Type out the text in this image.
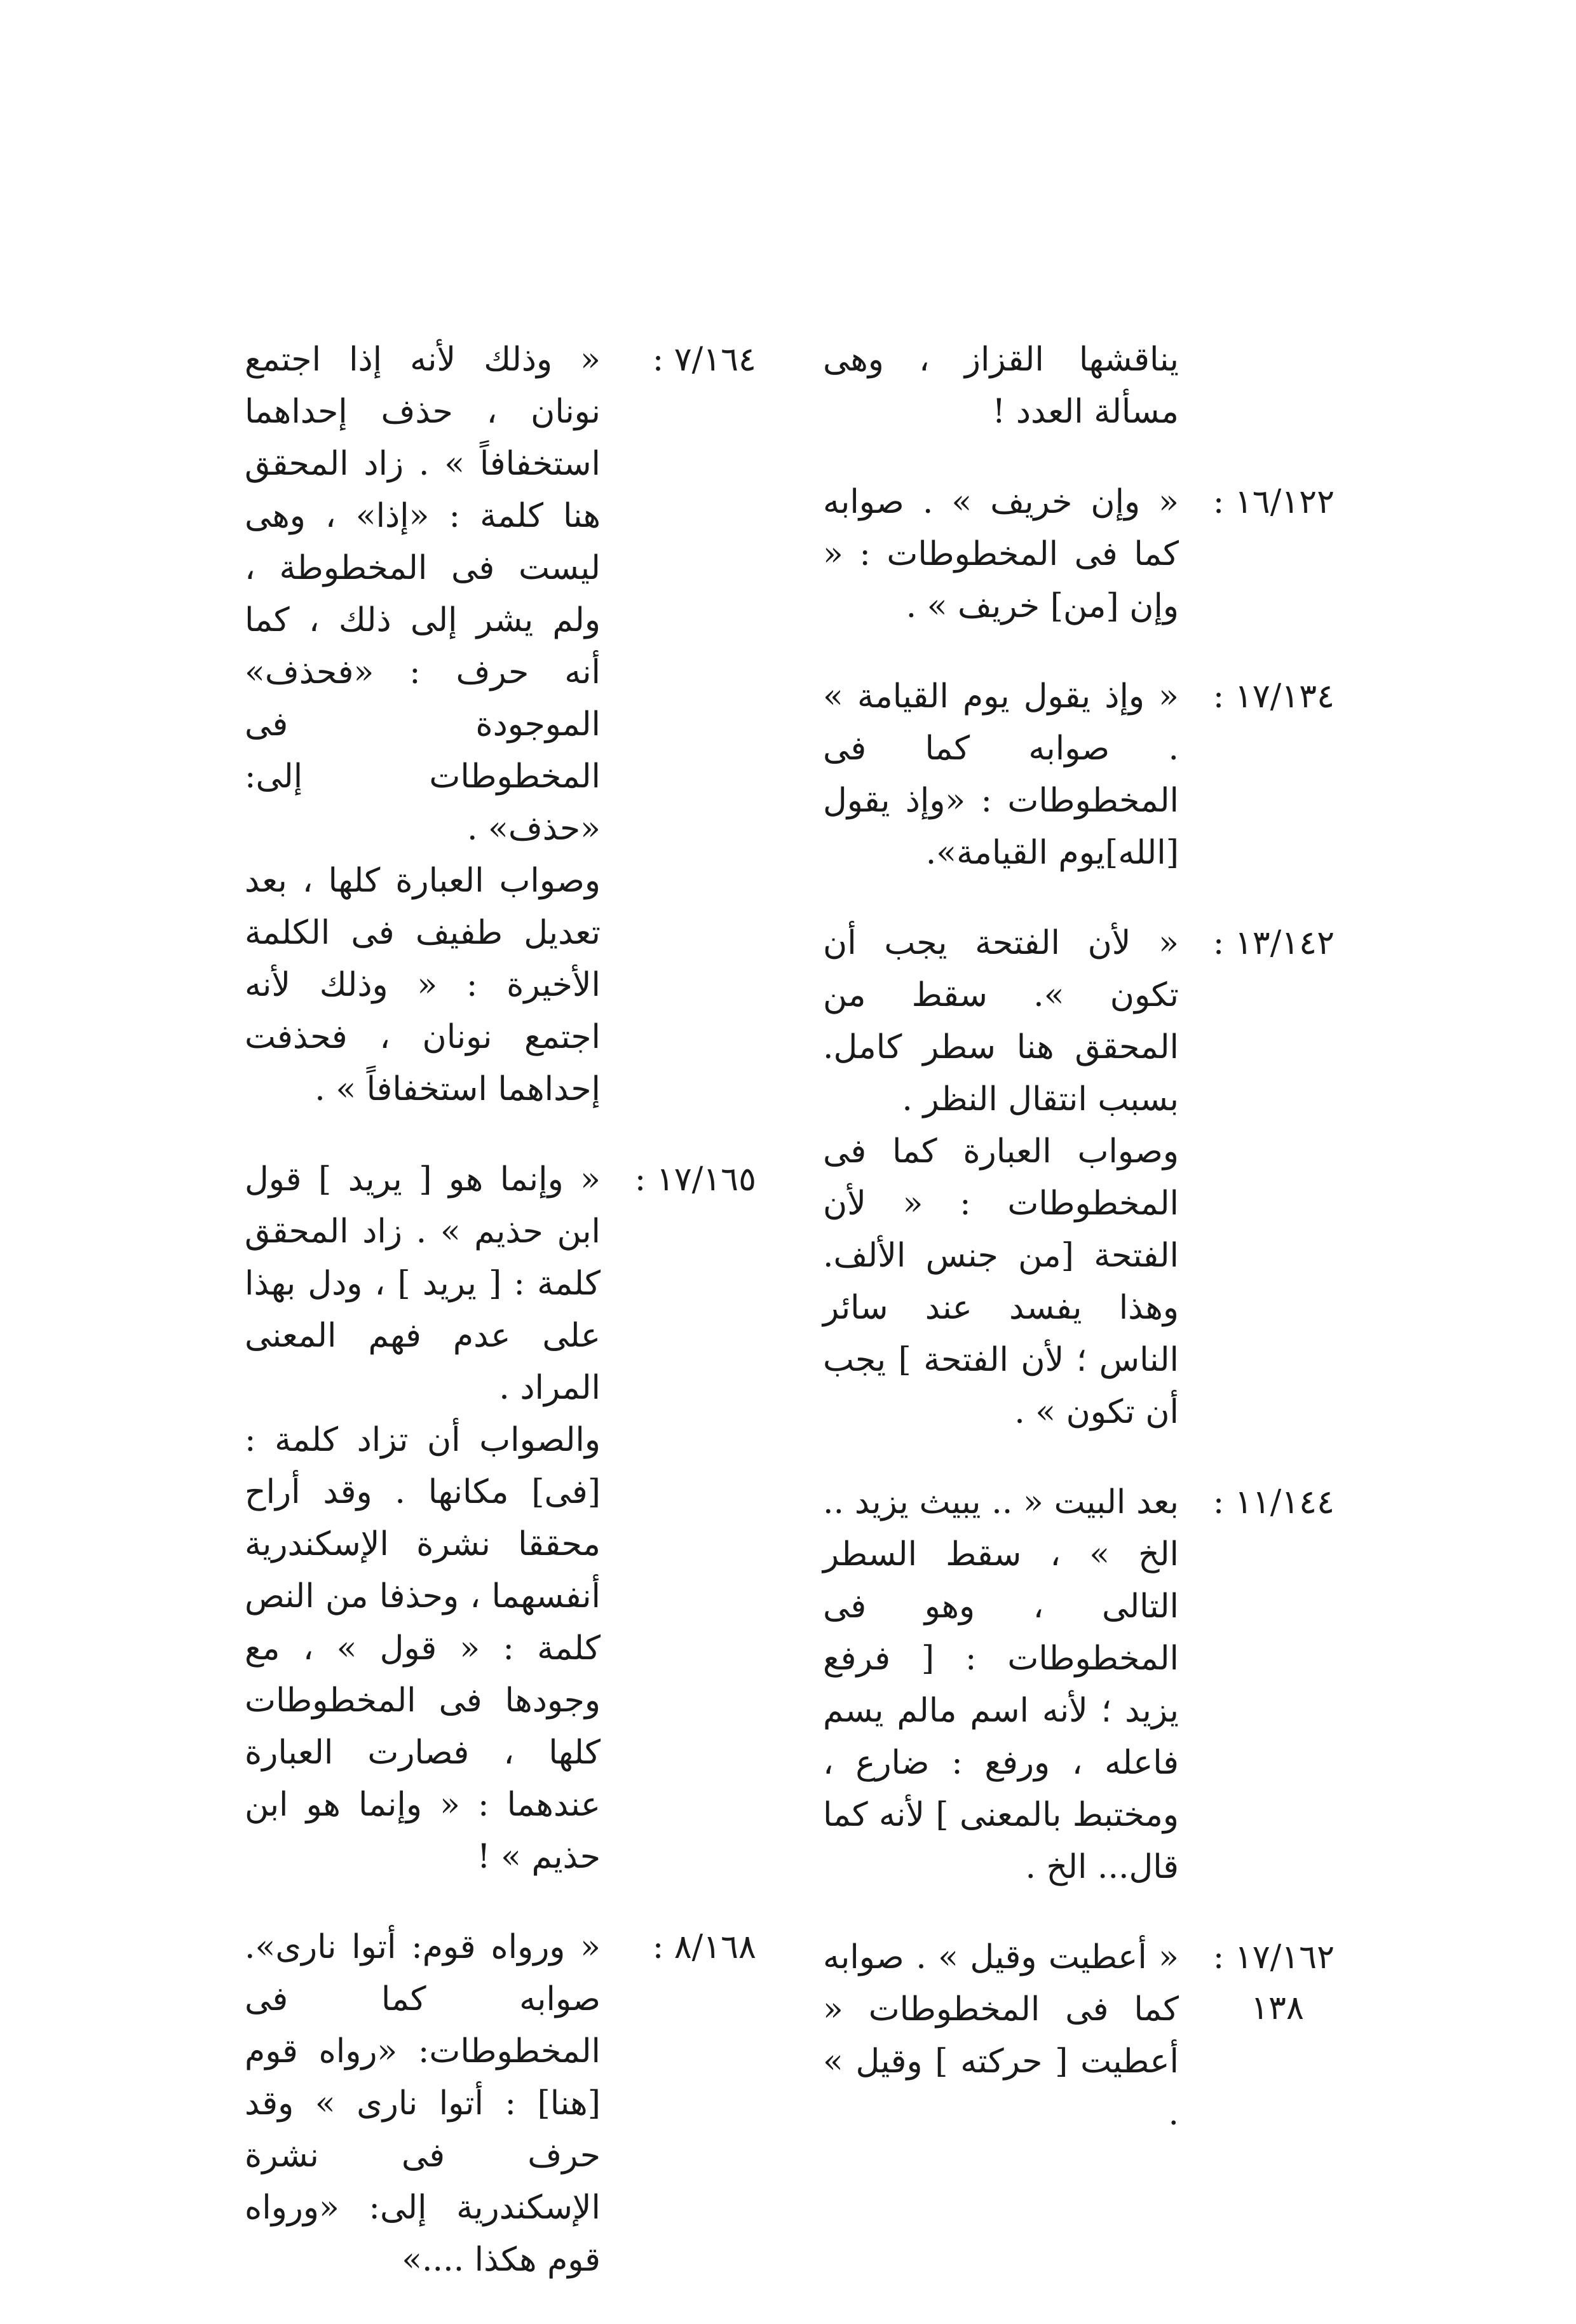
يناقشها القزاز ، وهى مسألة العدد !

١٦/١٢٢ :

« وإن خريف » . صوابه كما فى المخطوطات : « وإن [من] خريف » .

١٧/١٣٤ :

« وإذ يقول يوم القيامة » . صوابه كما فى المخطوطات : «وإذ يقول [الله]يوم القيامة».

١٣/١٤٢ :

« لأن الفتحة يجب أن تكون ». سقط من المحقق هنا سطر كامل. بسبب انتقال النظر .

وصواب العبارة كما فى المخطوطات : « لأن الفتحة [من جنس الألف. وهذا يفسد عند سائر الناس ؛ لأن الفتحة ] يجب أن تكون » .

١١/١٤٤ :

بعد البيت « .. يبيث يزيد .. الخ » ، سقط السطر التالى ، وهو فى المخطوطات : [ فرفع يزيد ؛ لأنه اسم مالم يسم فاعله ، ورفع : ضارع ، ومختبط بالمعنى ] لأنه كما قال... الخ .

١٧/١٦٢ :

« أعطيت وقيل » . صوابه كما فى المخطوطات « أعطيت [ حركته ] وقيل » .

٧/١٦٤ :

« وذلك لأنه إذا اجتمع نونان ، حذف إحداهما استخفافاً » . زاد المحقق هنا كلمة : «إذا» ، وهى ليست فى المخطوطة ، ولم يشر إلى ذلك ، كما أنه حرف : «فحذف» الموجودة فى المخطوطات إلى: «حذف» .

وصواب العبارة كلها ، بعد تعديل طفيف فى الكلمة الأخيرة : « وذلك لأنه اجتمع نونان ، فحذفت إحداهما استخفافاً » .

١٧/١٦٥ :

« وإنما هو [ يريد ] قول ابن حذيم » . زاد المحقق كلمة : [ يريد ] ، ودل بهذا على عدم فهم المعنى المراد .

والصواب أن تزاد كلمة : [فى] مكانها . وقد أراح محققا نشرة الإسكندرية أنفسهما ، وحذفا من النص كلمة : « قول » ، مع وجودها فى المخطوطات كلها ، فصارت العبارة عندهما : « وإنما هو ابن حذيم » !

٨/١٦٨ :

« ورواه قوم: أتوا نارى». صوابه كما فى المخطوطات: «رواه قوم [هنا] : أتوا نارى » وقد حرف فى نشرة الإسكندرية إلى: «ورواه قوم هكذا ....»

١٣٨
